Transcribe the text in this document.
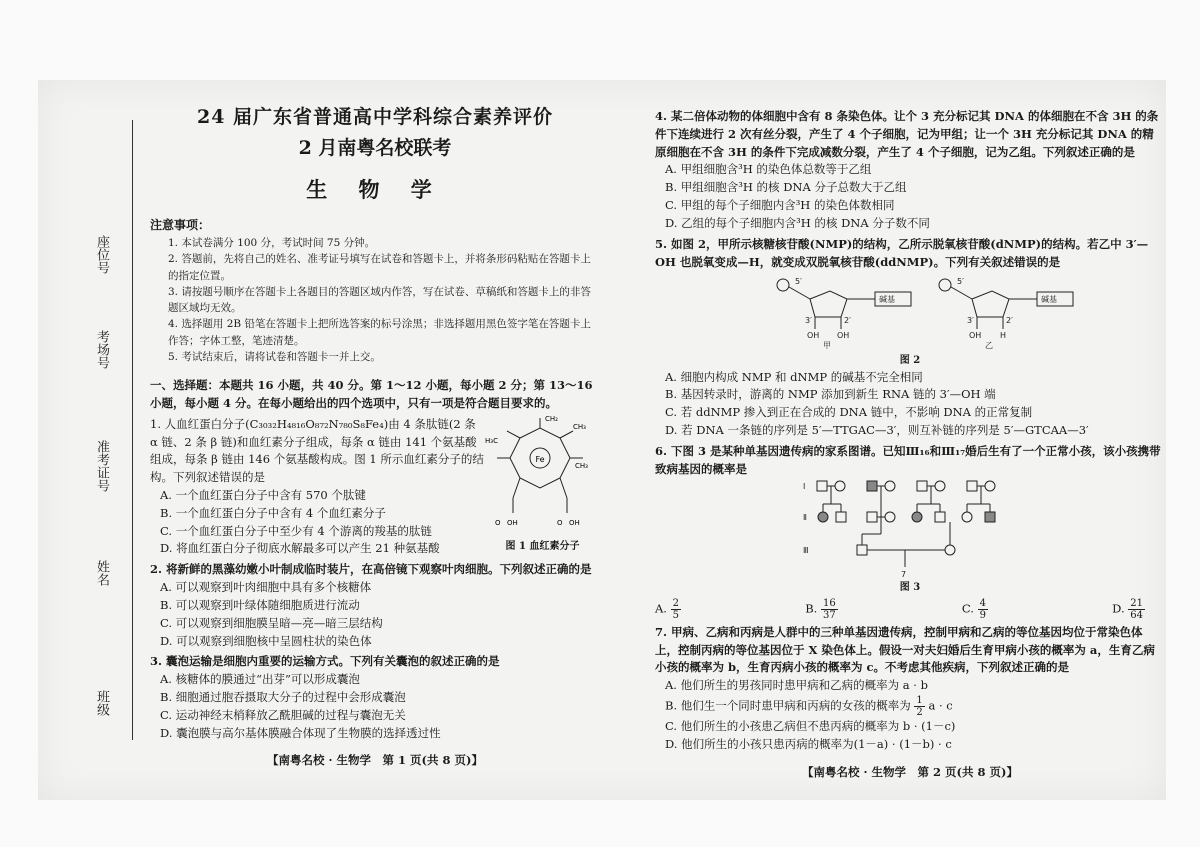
座位号
考场号
准考证号
姓名
班级
24 届广东省普通高中学科综合素养评价
2 月南粤名校联考
生 物 学
注意事项：
1. 本试卷满分 100 分，考试时间 75 分钟。
2. 答题前，先将自己的姓名、准考证号填写在试卷和答题卡上，并将条形码粘贴在答题卡上的指定位置。
3. 请按题号顺序在答题卡上各题目的答题区域内作答，写在试卷、草稿纸和答题卡上的非答题区域均无效。
4. 选择题用 2B 铅笔在答题卡上把所选答案的标号涂黑；非选择题用黑色签字笔在答题卡上作答；字体工整，笔迹清楚。
5. 考试结束后，请将试卷和答题卡一并上交。
一、选择题：本题共 16 小题，共 40 分。第 1～12 小题，每小题 2 分；第 13～16 小题，每小题 4 分。在每小题给出的四个选项中，只有一项是符合题目要求的。
1. 人血红蛋白分子(C₃₀₃₂H₄₈₁₆O₈₇₂N₇₈₀S₈Fe₄)由 4 条肽链(2 条 α 链、2 条 β 链)和血红素分子组成，每条 α 链由 141 个氨基酸组成，每条 β 链由 146 个氨基酸构成。图 1 所示血红素分子的结构。下列叙述错误的是
A. 一个血红蛋白分子中含有 570 个肽键
B. 一个血红蛋白分子中含有 4 个血红素分子
C. 一个血红蛋白分子中至少有 4 个游离的羧基的肽链
D. 将血红蛋白分子彻底水解最多可以产生 21 种氨基酸
Fe
CH₂
CH₃
H₃C
CH₃
O OH	O OH
图 1 血红素分子
2. 将新鲜的黑藻幼嫩小叶制成临时装片，在高倍镜下观察叶肉细胞。下列叙述正确的是
A. 可以观察到叶肉细胞中具有多个核糖体
B. 可以观察到叶绿体随细胞质进行流动
C. 可以观察到细胞膜呈暗—亮—暗三层结构
D. 可以观察到细胞核中呈圆柱状的染色体
3. 囊泡运输是细胞内重要的运输方式。下列有关囊泡的叙述正确的是
A. 核糖体的膜通过“出芽”可以形成囊泡
B. 细胞通过胞吞摄取大分子的过程中会形成囊泡
C. 运动神经末梢释放乙酰胆碱的过程与囊泡无关
D. 囊泡膜与高尔基体膜融合体现了生物膜的选择透过性
【南粤名校 · 生物学　第 1 页(共 8 页)】
4. 某二倍体动物的体细胞中含有 8 条染色体。让个 3 充分标记其 DNA 的体细胞在不含 3H 的条件下连续进行 2 次有丝分裂，产生了 4 个子细胞，记为甲组；让一个 3H 充分标记其 DNA 的精原细胞在不含 3H 的条件下完成减数分裂，产生了 4 个子细胞，记为乙组。下列叙述正确的是
A. 甲组细胞含³H 的染色体总数等于乙组
B. 甲组细胞含³H 的核 DNA 分子总数大于乙组
C. 甲组的每个子细胞内含³H 的染色体数相同
D. 乙组的每个子细胞内含³H 的核 DNA 分子数不同
5. 如图 2，甲所示核糖核苷酸(NMP)的结构，乙所示脱氧核苷酸(dNMP)的结构。若乙中 3′—OH 也脱氧变成—H，就变成双脱氧核苷酸(ddNMP)。下列有关叙述错误的是
5′
碱基
3′	2′
OH OH
甲
5′
碱基
3′	2′
OH H
乙
图 2
A. 细胞内构成 NMP 和 dNMP 的碱基不完全相同
B. 基因转录时，游离的 NMP 添加到新生 RNA 链的 3′—OH 端
C. 若 ddNMP 掺入到正在合成的 DNA 链中，不影响 DNA 的正常复制
D. 若 DNA 一条链的序列是 5′—TTGAC—3′，则互补链的序列是 5′—GTCAA—3′
6. 下图 3 是某种单基因遗传病的家系图谱。已知Ⅲ₁₆和Ⅲ₁₇婚后生有了一个正常小孩，该小孩携带致病基因的概率是
Ⅰ
Ⅱ
Ⅲ
7
图 3
A. $\frac{2}{5}$	B. $\frac{16}{37}$	C. $\frac{4}{9}$	D. $\frac{21}{64}$
7. 甲病、乙病和丙病是人群中的三种单基因遗传病，控制甲病和乙病的等位基因均位于常染色体上，控制丙病的等位基因位于 X 染色体上。假设一对夫妇婚后生育甲病小孩的概率为 a，生育乙病小孩的概率为 b，生育丙病小孩的概率为 c。不考虑其他疾病，下列叙述正确的是
A. 他们所生的男孩同时患甲病和乙病的概率为 a · b
B. 他们生一个同时患甲病和丙病的女孩的概率为 $\frac{1}{2}$ a · c
C. 他们所生的小孩患乙病但不患丙病的概率为 b · (1－c)
D. 他们所生的小孩只患丙病的概率为(1－a) · (1－b) · c
【南粤名校 · 生物学　第 2 页(共 8 页)】
